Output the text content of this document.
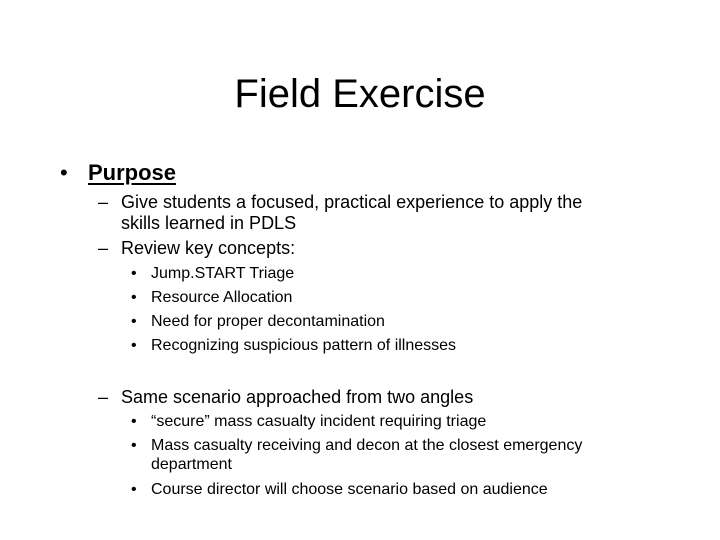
Field Exercise
• Purpose
– Give students a focused, practical experience to apply the
skills learned in PDLS
– Review key concepts:
• Jump.START Triage
• Resource Allocation
• Need for proper decontamination
• Recognizing suspicious pattern of illnesses
– Same scenario approached from two angles
• “secure” mass casualty incident requiring triage
• Mass casualty receiving and decon at the closest emergency
department
• Course director will choose scenario based on audience
